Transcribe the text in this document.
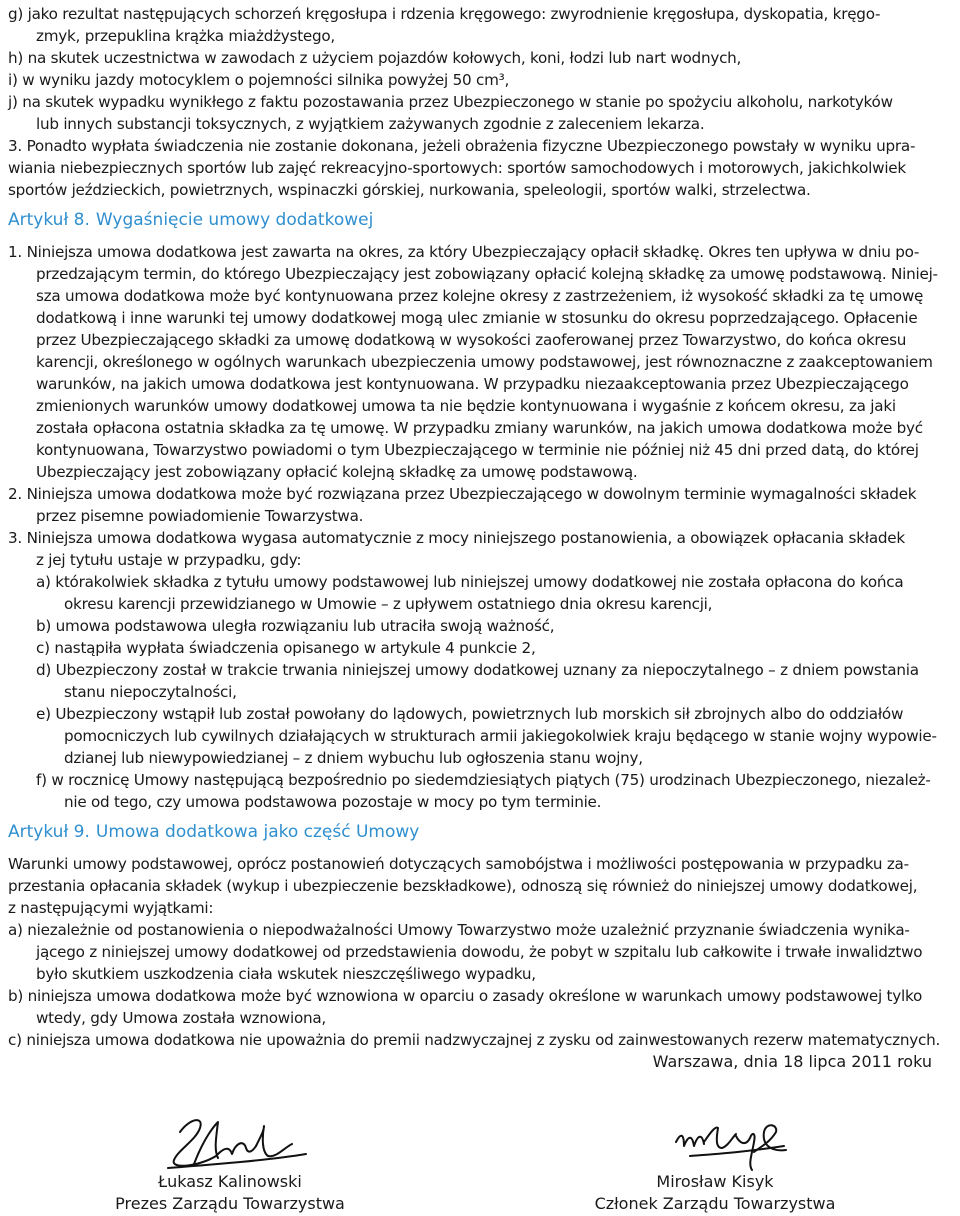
g) jako rezultat następujących schorzeń kręgosłupa i rdzenia kręgowego: zwyrodnienie kręgosłupa, dyskopatia, kręgo-
zmyk, przepuklina krążka miażdżystego,
h) na skutek uczestnictwa w zawodach z użyciem pojazdów kołowych, koni, łodzi lub nart wodnych,
i) w wyniku jazdy motocyklem o pojemności silnika powyżej 50 cm³,
j) na skutek wypadku wynikłego z faktu pozostawania przez Ubezpieczonego w stanie po spożyciu alkoholu, narkotyków
lub innych substancji toksycznych, z wyjątkiem zażywanych zgodnie z zaleceniem lekarza.
3. Ponadto wypłata świadczenia nie zostanie dokonana, jeżeli obrażenia fizyczne Ubezpieczonego powstały w wyniku upra-
wiania niebezpiecznych sportów lub zajęć rekreacyjno-sportowych: sportów samochodowych i motorowych, jakichkolwiek
sportów jeździeckich, powietrznych, wspinaczki górskiej, nurkowania, speleologii, sportów walki, strzelectwa.
1. Niniejsza umowa dodatkowa jest zawarta na okres, za który Ubezpieczający opłacił składkę. Okres ten upływa w dniu po-
przedzającym termin, do którego Ubezpieczający jest zobowiązany opłacić kolejną składkę za umowę podstawową. Niniej-
sza umowa dodatkowa może być kontynuowana przez kolejne okresy z zastrzeżeniem, iż wysokość składki za tę umowę
dodatkową i inne warunki tej umowy dodatkowej mogą ulec zmianie w stosunku do okresu poprzedzającego. Opłacenie
przez Ubezpieczającego składki za umowę dodatkową w wysokości zaoferowanej przez Towarzystwo, do końca okresu
karencji, określonego w ogólnych warunkach ubezpieczenia umowy podstawowej, jest równoznaczne z zaakceptowaniem
warunków, na jakich umowa dodatkowa jest kontynuowana. W przypadku niezaakceptowania przez Ubezpieczającego
zmienionych warunków umowy dodatkowej umowa ta nie będzie kontynuowana i wygaśnie z końcem okresu, za jaki
została opłacona ostatnia składka za tę umowę. W przypadku zmiany warunków, na jakich umowa dodatkowa może być
kontynuowana, Towarzystwo powiadomi o tym Ubezpieczającego w terminie nie później niż 45 dni przed datą, do której
Ubezpieczający jest zobowiązany opłacić kolejną składkę za umowę podstawową.
2. Niniejsza umowa dodatkowa może być rozwiązana przez Ubezpieczającego w dowolnym terminie wymagalności składek
przez pisemne powiadomienie Towarzystwa.
3. Niniejsza umowa dodatkowa wygasa automatycznie z mocy niniejszego postanowienia, a obowiązek opłacania składek
z jej tytułu ustaje w przypadku, gdy:
a) którakolwiek składka z tytułu umowy podstawowej lub niniejszej umowy dodatkowej nie została opłacona do końca
okresu karencji przewidzianego w Umowie – z upływem ostatniego dnia okresu karencji,
b) umowa podstawowa uległa rozwiązaniu lub utraciła swoją ważność,
c) nastąpiła wypłata świadczenia opisanego w artykule 4 punkcie 2,
d) Ubezpieczony został w trakcie trwania niniejszej umowy dodatkowej uznany za niepoczytalnego – z dniem powstania
stanu niepoczytalności,
e) Ubezpieczony wstąpił lub został powołany do lądowych, powietrznych lub morskich sił zbrojnych albo do oddziałów
pomocniczych lub cywilnych działających w strukturach armii jakiegokolwiek kraju będącego w stanie wojny wypowie-
dzianej lub niewypowiedzianej – z dniem wybuchu lub ogłoszenia stanu wojny,
f) w rocznicę Umowy następującą bezpośrednio po siedemdziesiątych piątych (75) urodzinach Ubezpieczonego, niezależ-
nie od tego, czy umowa podstawowa pozostaje w mocy po tym terminie.
Warunki umowy podstawowej, oprócz postanowień dotyczących samobójstwa i możliwości postępowania w przypadku za-
przestania opłacania składek (wykup i ubezpieczenie bezskładkowe), odnoszą się również do niniejszej umowy dodatkowej,
z następującymi wyjątkami:
a) niezależnie od postanowienia o niepodważalności Umowy Towarzystwo może uzależnić przyznanie świadczenia wynika-
jącego z niniejszej umowy dodatkowej od przedstawienia dowodu, że pobyt w szpitalu lub całkowite i trwałe inwalidztwo
było skutkiem uszkodzenia ciała wskutek nieszczęśliwego wypadku,
b) niniejsza umowa dodatkowa może być wznowiona w oparciu o zasady określone w warunkach umowy podstawowej tylko
wtedy, gdy Umowa została wznowiona,
c) niniejsza umowa dodatkowa nie upoważnia do premii nadzwyczajnej z zysku od zainwestowanych rezerw matematycznych.
Artykuł 8. Wygaśnięcie umowy dodatkowej
Artykuł 9. Umowa dodatkowa jako część Umowy
Warszawa, dnia 18 lipca 2011 roku
Łukasz Kalinowski
Prezes Zarządu Towarzystwa
Mirosław Kisyk
Członek Zarządu Towarzystwa
